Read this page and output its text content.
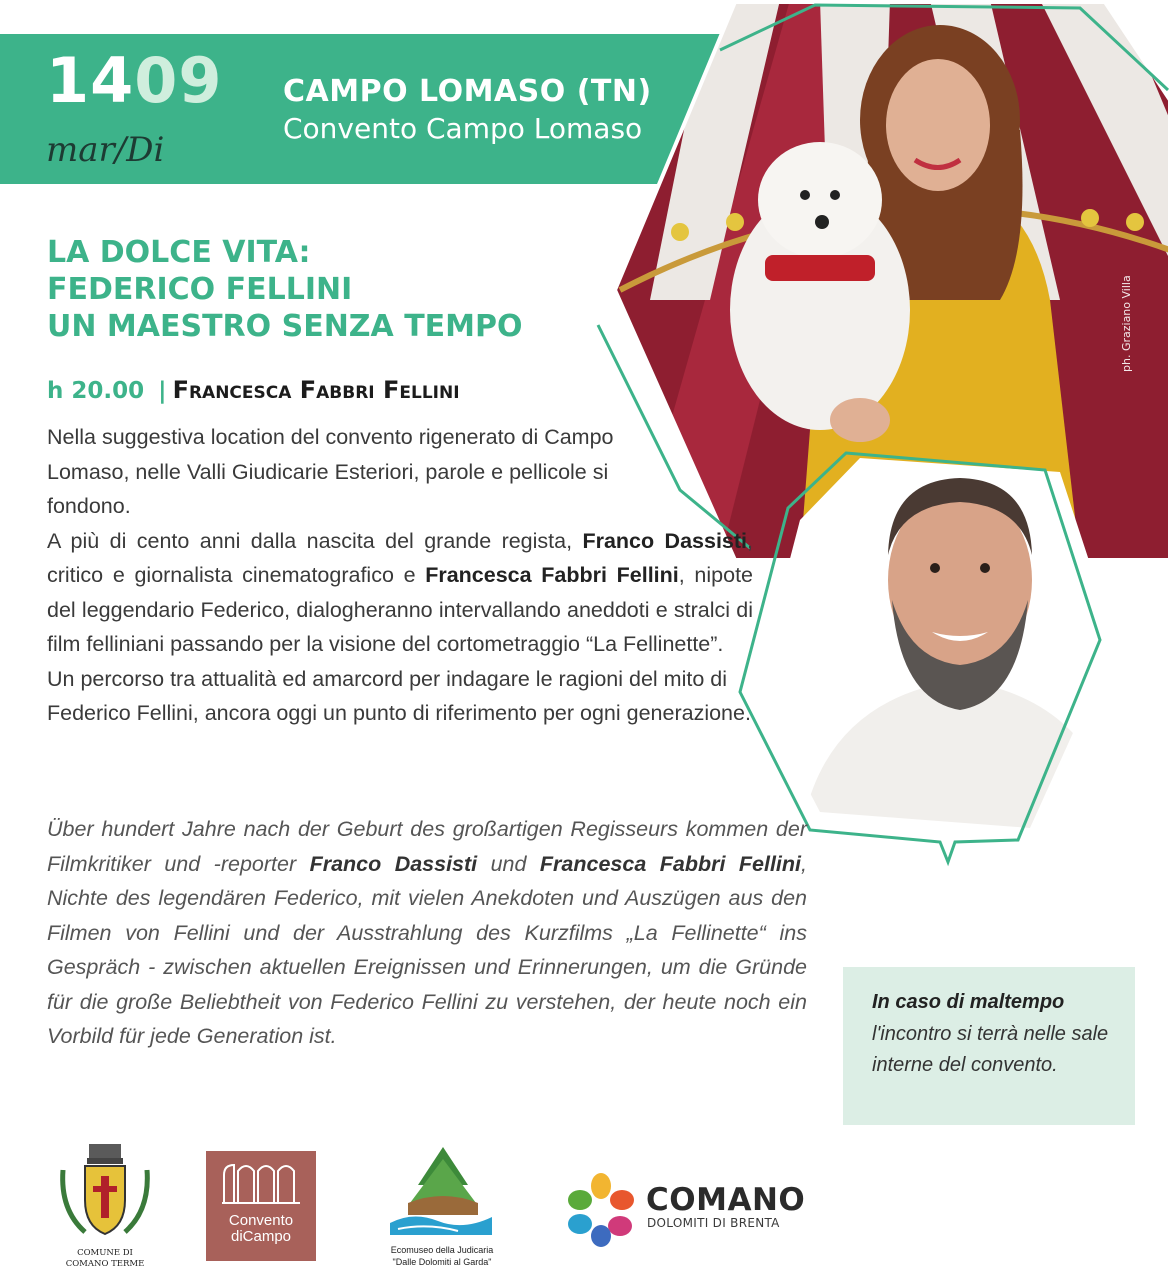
1409
mar/Di
CAMPO LOMASO (TN)
Convento Campo Lomaso
ph. Graziano Villa
LA DOLCE VITA:
FEDERICO FELLINI
UN MAESTRO SENZA TEMPO
h 20.00 | Francesca Fabbri Fellini

Nella suggestiva location del convento rigenerato di Campo Lomaso, nelle Valli Giudicarie Esteriori, parole e pellicole si fondono.

A più di cento anni dalla nascita del grande regista, Franco Dassisti, critico e giornalista cinematografico e Francesca Fabbri Fellini, nipote del leggendario Federico, dialogheranno intervallando aneddoti e stralci di film felliniani passando per la visione del cortometraggio “La Fellinette”.

Un percorso tra attualità ed amarcord per indagare le ragioni del mito di Federico Fellini, ancora oggi un punto di riferimento per ogni generazione.

Über hundert Jahre nach der Geburt des großartigen Regisseurs kommen der Filmkritiker und -reporter Franco Dassisti und Francesca Fabbri Fellini, Nichte des legendären Federico, mit vielen Anekdoten und Auszügen aus den Filmen von Fellini und der Ausstrahlung des Kurzfilms „La Fellinette“ ins Gespräch - zwischen aktuellen Ereignissen und Erinnerungen, um die Gründe für die große Beliebtheit von Federico Fellini zu verstehen, der heute noch ein Vorbild für jede Generation ist.
In caso di maltempo
l'incontro si terrà nelle sale interne del convento.
COMUNE DI
COMANO TERME
Convento
diCampo
Ecomuseo della Judicaria
"Dalle Dolomiti al Garda"
COMANO
DOLOMITI DI BRENTA
